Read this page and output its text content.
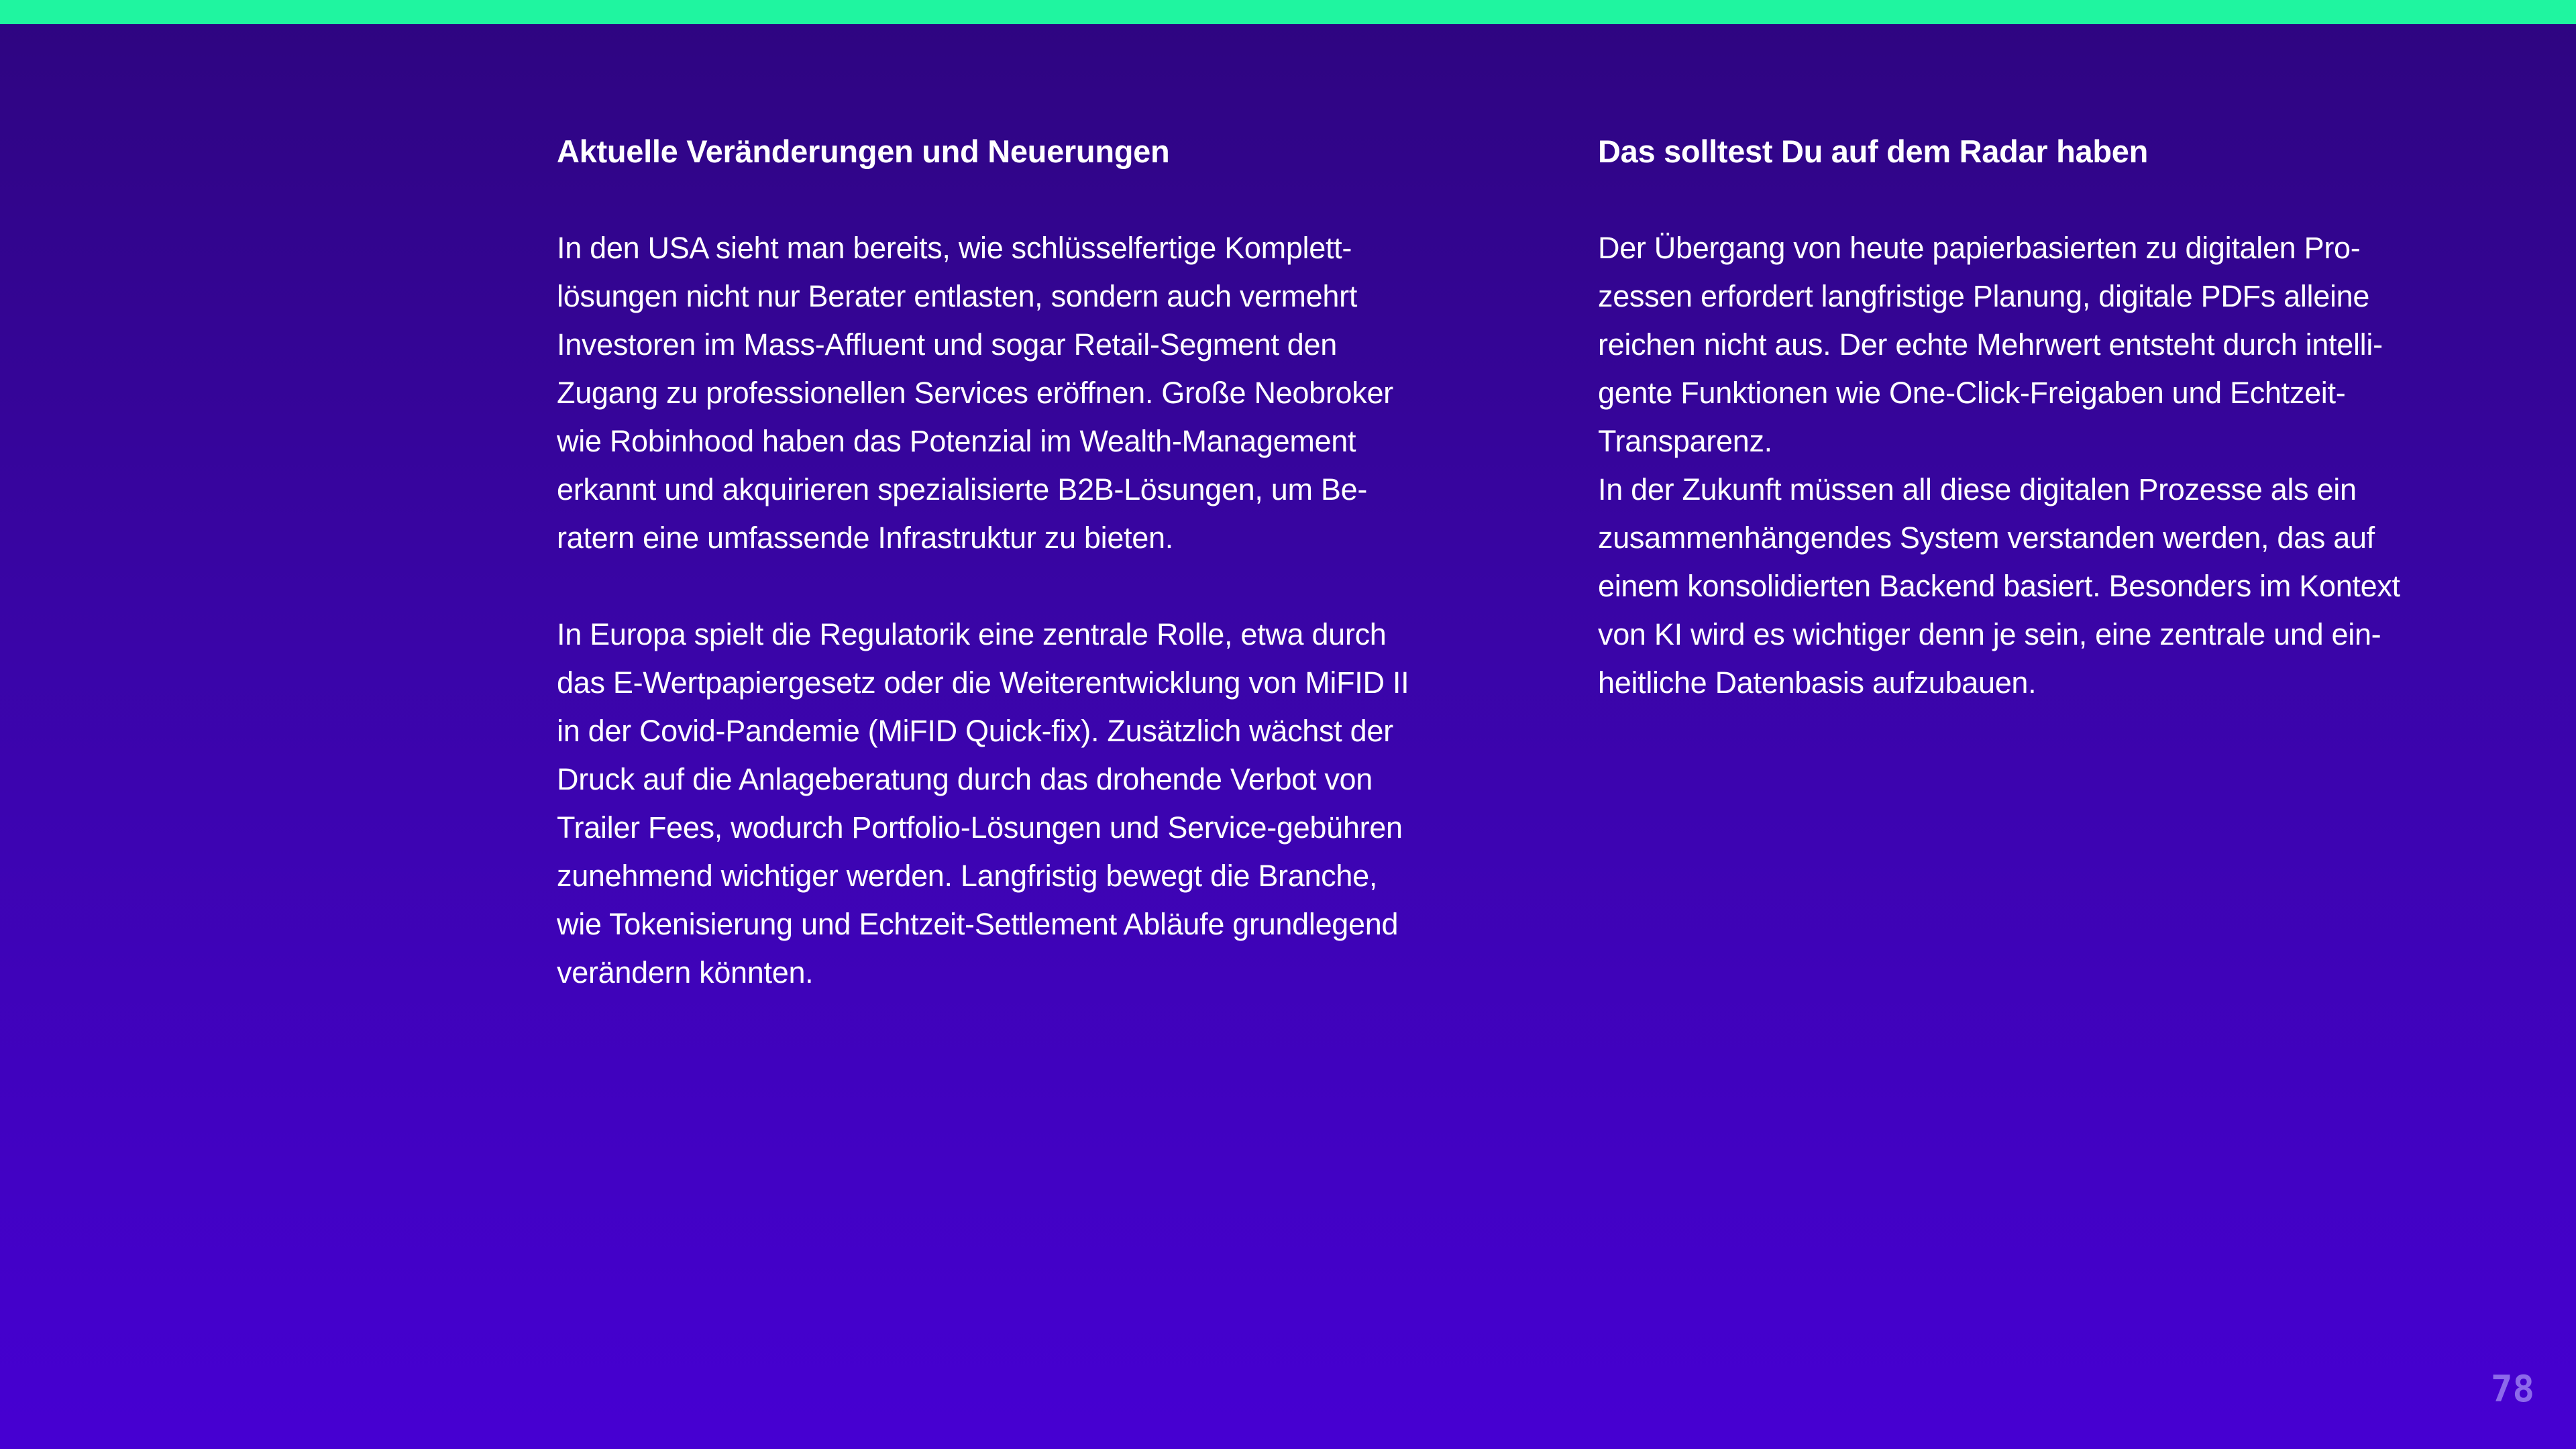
Aktuelle Veränderungen und Neuerungen

In den USA sieht man bereits, wie schlüsselfertige Komplett-
lösungen nicht nur Berater entlasten, sondern auch vermehrt
Investoren im Mass-Affluent und sogar Retail-Segment den
Zugang zu professionellen Services eröffnen. Große Neobroker
wie Robinhood haben das Potenzial im Wealth-Management
erkannt und akquirieren spezialisierte B2B-Lösungen, um Be-
ratern eine umfassende Infrastruktur zu bieten.

In Europa spielt die Regulatorik eine zentrale Rolle, etwa durch
das E-Wertpapiergesetz oder die Weiterentwicklung von MiFID II
in der Covid-Pandemie (MiFID Quick-fix). Zusätzlich wächst der
Druck auf die Anlageberatung durch das drohende Verbot von
Trailer Fees, wodurch Portfolio-Lösungen und Service-gebühren
zunehmend wichtiger werden. Langfristig bewegt die Branche,
wie Tokenisierung und Echtzeit-Settlement Abläufe grundlegend
verändern könnten.

Das solltest Du auf dem Radar haben

Der Übergang von heute papierbasierten zu digitalen Pro-
zessen erfordert langfristige Planung, digitale PDFs alleine
reichen nicht aus. Der echte Mehrwert entsteht durch intelli-
gente Funktionen wie One-Click-Freigaben und Echtzeit-
Transparenz.

In der Zukunft müssen all diese digitalen Prozesse als ein
zusammenhängendes System verstanden werden, das auf
einem konsolidierten Backend basiert. Besonders im Kontext
von KI wird es wichtiger denn je sein, eine zentrale und ein-
heitliche Datenbasis aufzubauen.

78
